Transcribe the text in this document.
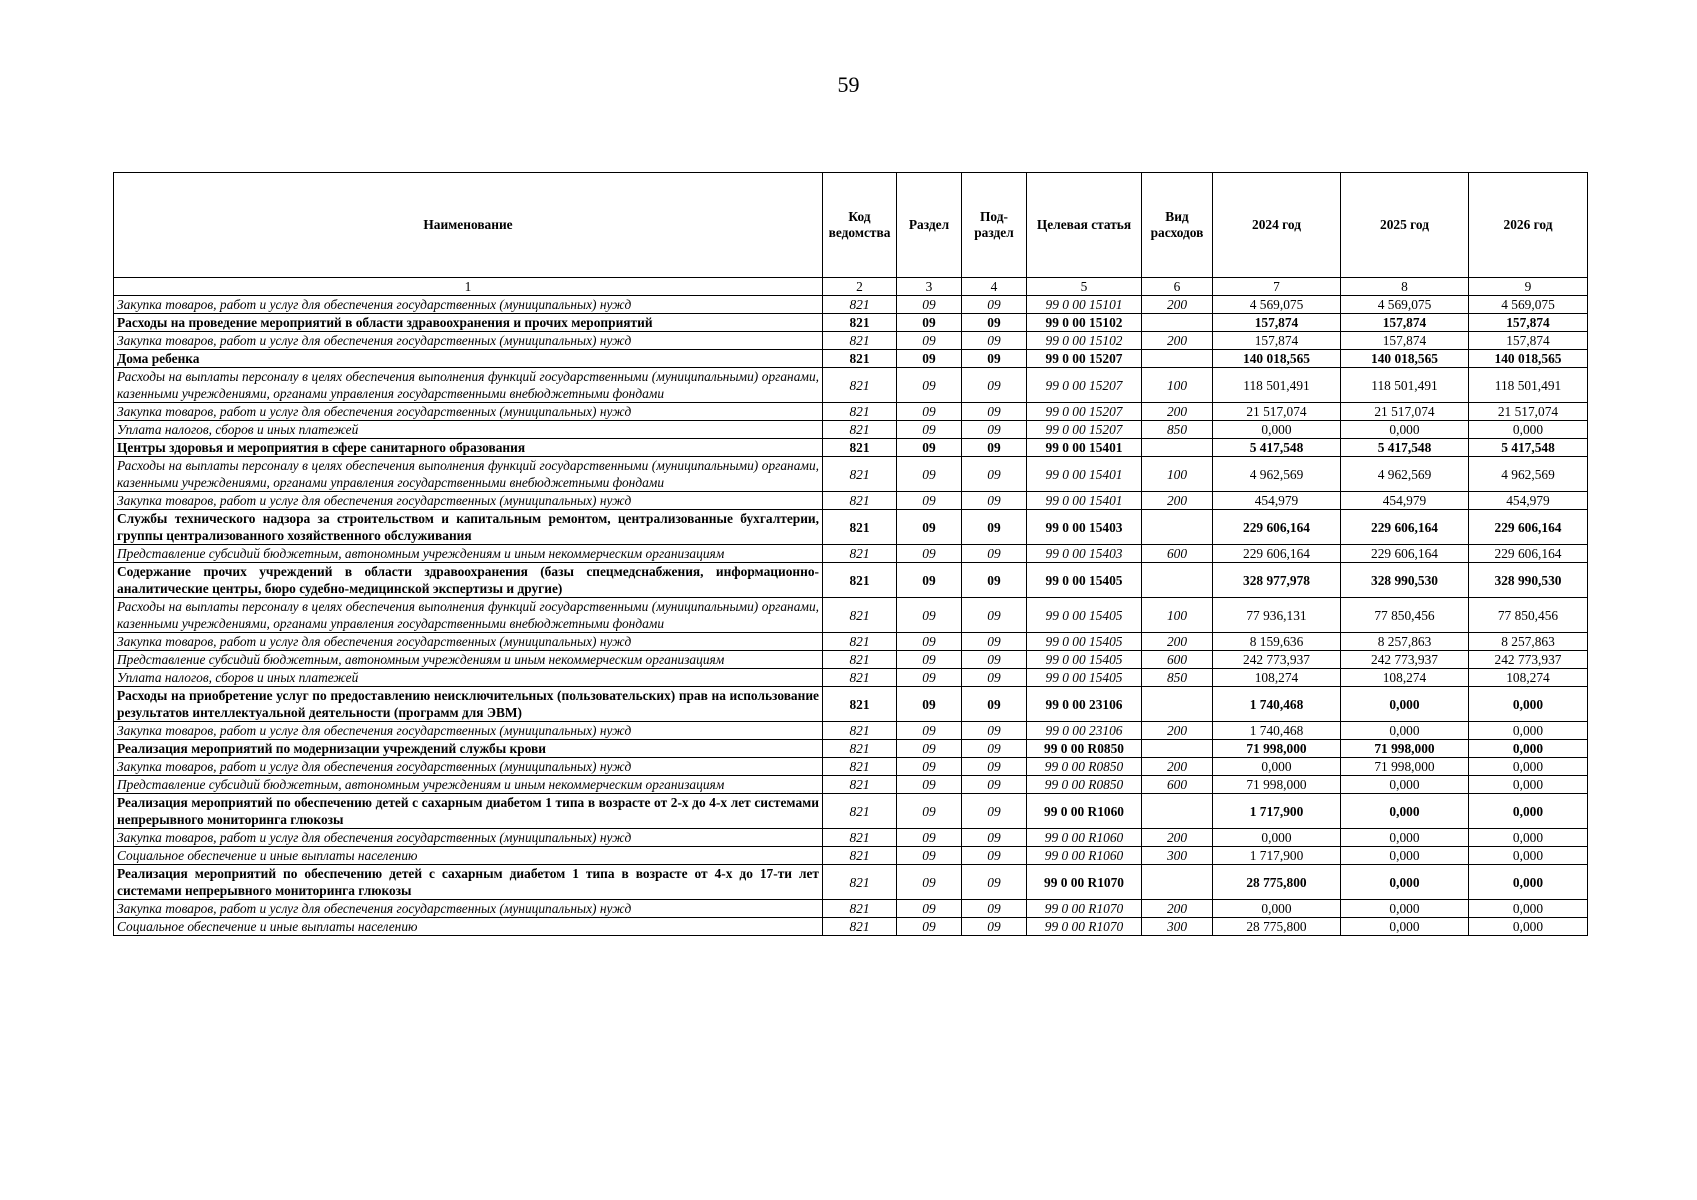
59
Наименование	Код ведомства	Раздел	Под-раздел	Целевая статья	Вид расходов	2024 год	2025 год	2026 год
1	2	3	4	5	6	7	8	9
Закупка товаров, работ и услуг для обеспечения государственных (муниципальных) нужд	821	09	09	99 0 00 15101	200	4 569,075	4 569,075	4 569,075
Расходы на проведение мероприятий в области здравоохранения и прочих мероприятий	821	09	09	99 0 00 15102		157,874	157,874	157,874
Закупка товаров, работ и услуг для обеспечения государственных (муниципальных) нужд	821	09	09	99 0 00 15102	200	157,874	157,874	157,874
Дома ребенка	821	09	09	99 0 00 15207		140 018,565	140 018,565	140 018,565
Расходы на выплаты персоналу в целях обеспечения выполнения функций государственными (муниципальными) органами, казенными учреждениями, органами управления государственными внебюджетными фондами	821	09	09	99 0 00 15207	100	118 501,491	118 501,491	118 501,491
Закупка товаров, работ и услуг для обеспечения государственных (муниципальных) нужд	821	09	09	99 0 00 15207	200	21 517,074	21 517,074	21 517,074
Уплата налогов, сборов и иных платежей	821	09	09	99 0 00 15207	850	0,000	0,000	0,000
Центры здоровья и мероприятия в сфере санитарного образования	821	09	09	99 0 00 15401		5 417,548	5 417,548	5 417,548
Расходы на выплаты персоналу в целях обеспечения выполнения функций государственными (муниципальными) органами, казенными учреждениями, органами управления государственными внебюджетными фондами	821	09	09	99 0 00 15401	100	4 962,569	4 962,569	4 962,569
Закупка товаров, работ и услуг для обеспечения государственных (муниципальных) нужд	821	09	09	99 0 00 15401	200	454,979	454,979	454,979
Службы технического надзора за строительством и капитальным ремонтом, централизованные бухгалтерии, группы централизованного хозяйственного обслуживания	821	09	09	99 0 00 15403		229 606,164	229 606,164	229 606,164
Представление субсидий бюджетным, автономным учреждениям и иным некоммерческим организациям	821	09	09	99 0 00 15403	600	229 606,164	229 606,164	229 606,164
Содержание прочих учреждений в области здравоохранения (базы спецмедснабжения, информационно-аналитические центры, бюро судебно-медицинской экспертизы и другие)	821	09	09	99 0 00 15405		328 977,978	328 990,530	328 990,530
Расходы на выплаты персоналу в целях обеспечения выполнения функций государственными (муниципальными) органами, казенными учреждениями, органами управления государственными внебюджетными фондами	821	09	09	99 0 00 15405	100	77 936,131	77 850,456	77 850,456
Закупка товаров, работ и услуг для обеспечения государственных (муниципальных) нужд	821	09	09	99 0 00 15405	200	8 159,636	8 257,863	8 257,863
Представление субсидий бюджетным, автономным учреждениям и иным некоммерческим организациям	821	09	09	99 0 00 15405	600	242 773,937	242 773,937	242 773,937
Уплата налогов, сборов и иных платежей	821	09	09	99 0 00 15405	850	108,274	108,274	108,274
Расходы на приобретение услуг по предоставлению неисключительных (пользовательских) прав на использование результатов интеллектуальной деятельности (программ для ЭВМ)	821	09	09	99 0 00 23106		1 740,468	0,000	0,000
Закупка товаров, работ и услуг для обеспечения государственных (муниципальных) нужд	821	09	09	99 0 00 23106	200	1 740,468	0,000	0,000
Реализация мероприятий по модернизации учреждений службы крови	821	09	09	99 0 00 R0850		71 998,000	71 998,000	0,000
Закупка товаров, работ и услуг для обеспечения государственных (муниципальных) нужд	821	09	09	99 0 00 R0850	200	0,000	71 998,000	0,000
Представление субсидий бюджетным, автономным учреждениям и иным некоммерческим организациям	821	09	09	99 0 00 R0850	600	71 998,000	0,000	0,000
Реализация мероприятий по обеспечению детей с сахарным диабетом 1 типа в возрасте от 2-х до 4-х лет системами непрерывного мониторинга глюкозы	821	09	09	99 0 00 R1060		1 717,900	0,000	0,000
Закупка товаров, работ и услуг для обеспечения государственных (муниципальных) нужд	821	09	09	99 0 00 R1060	200	0,000	0,000	0,000
Социальное обеспечение и иные выплаты населению	821	09	09	99 0 00 R1060	300	1 717,900	0,000	0,000
Реализация мероприятий по обеспечению детей с сахарным диабетом 1 типа в возрасте от 4-х до 17-ти лет системами непрерывного мониторинга глюкозы	821	09	09	99 0 00 R1070		28 775,800	0,000	0,000
Закупка товаров, работ и услуг для обеспечения государственных (муниципальных) нужд	821	09	09	99 0 00 R1070	200	0,000	0,000	0,000
Социальное обеспечение и иные выплаты населению	821	09	09	99 0 00 R1070	300	28 775,800	0,000	0,000
